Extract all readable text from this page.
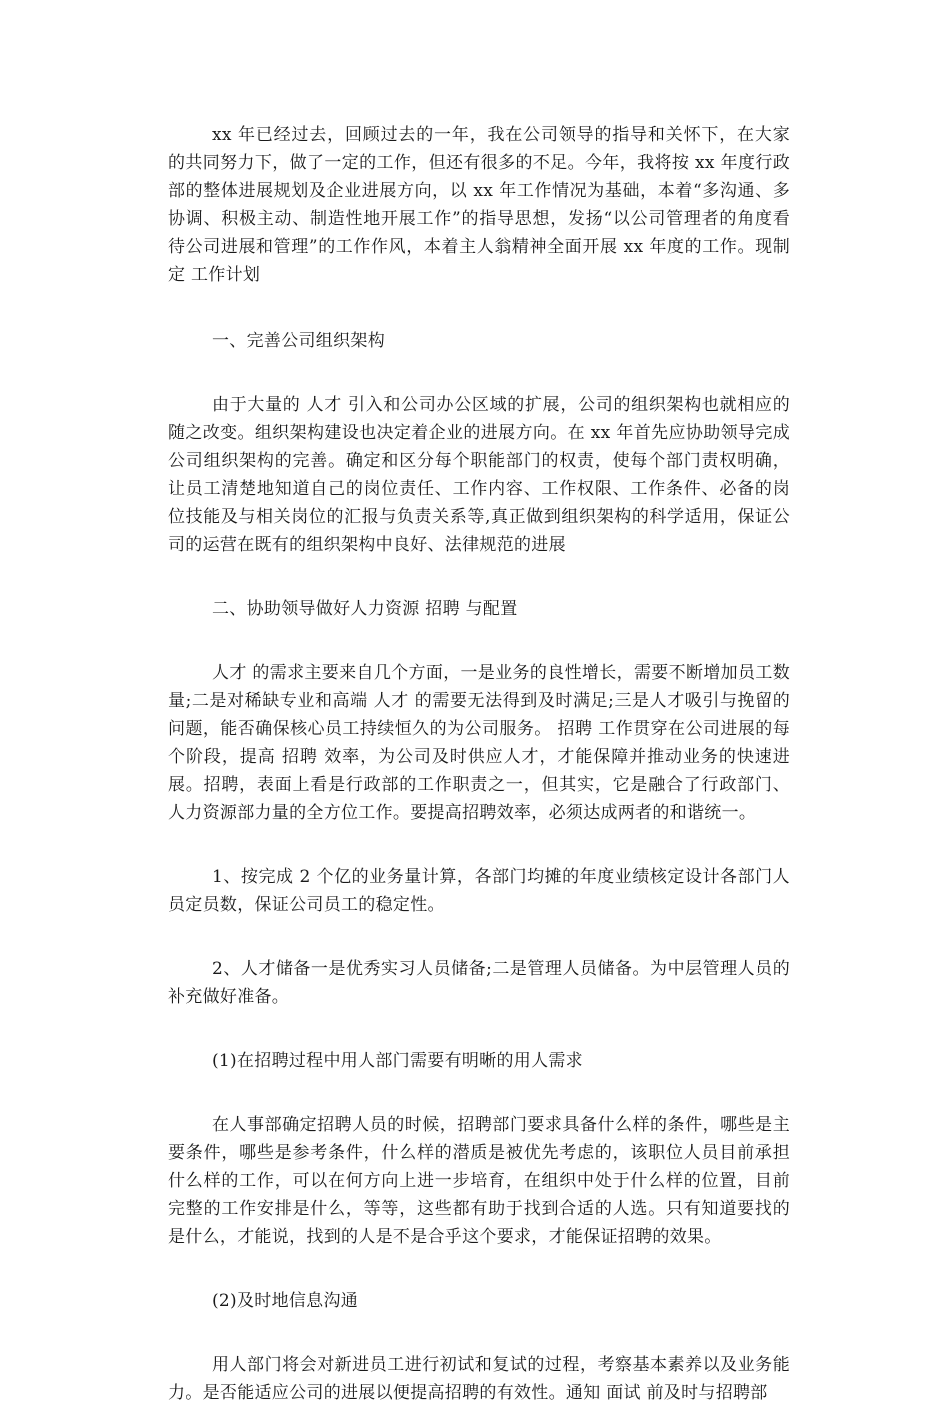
xx 年已经过去，回顾过去的一年，我在公司领导的指导和关怀下，在大家的共同努力下，做了一定的工作，但还有很多的不足。今年，我将按 xx 年度行政部的整体进展规划及企业进展方向，以 xx 年工作情况为基础，本着“多沟通、多协调、积极主动、制造性地开展工作”的指导思想，发扬“以公司管理者的角度看待公司进展和管理”的工作作风，本着主人翁精神全面开展 xx 年度的工作。现制定 工作计划

一、完善公司组织架构

由于大量的 人才 引入和公司办公区域的扩展，公司的组织架构也就相应的随之改变。组织架构建设也决定着企业的进展方向。在 xx 年首先应协助领导完成公司组织架构的完善。确定和区分每个职能部门的权责，使每个部门责权明确，让员工清楚地知道自己的岗位责任、工作内容、工作权限、工作条件、必备的岗位技能及与相关岗位的汇报与负责关系等,真正做到组织架构的科学适用，保证公司的运营在既有的组织架构中良好、法律规范的进展

二、协助领导做好人力资源 招聘 与配置

人才 的需求主要来自几个方面，一是业务的良性增长，需要不断增加员工数量;二是对稀缺专业和高端 人才 的需要无法得到及时满足;三是人才吸引与挽留的问题，能否确保核心员工持续恒久的为公司服务。 招聘 工作贯穿在公司进展的每个阶段，提高 招聘 效率，为公司及时供应人才，才能保障并推动业务的快速进展。招聘，表面上看是行政部的工作职责之一，但其实，它是融合了行政部门、人力资源部力量的全方位工作。要提高招聘效率，必须达成两者的和谐统一。

1、按完成 2 个亿的业务量计算，各部门均摊的年度业绩核定设计各部门人员定员数，保证公司员工的稳定性。

2、人才储备一是优秀实习人员储备;二是管理人员储备。为中层管理人员的补充做好准备。

(1)在招聘过程中用人部门需要有明晰的用人需求

在人事部确定招聘人员的时候，招聘部门要求具备什么样的条件，哪些是主要条件，哪些是参考条件，什么样的潜质是被优先考虑的，该职位人员目前承担什么样的工作，可以在何方向上进一步培育，在组织中处于什么样的位置，目前完整的工作安排是什么，等等，这些都有助于找到合适的人选。只有知道要找的是什么，才能说，找到的人是不是合乎这个要求，才能保证招聘的效果。

(2)及时地信息沟通

用人部门将会对新进员工进行初试和复试的过程，考察基本素养以及业务能力。是否能适应公司的进展以便提高招聘的有效性。通知 面试 前及时与招聘部
